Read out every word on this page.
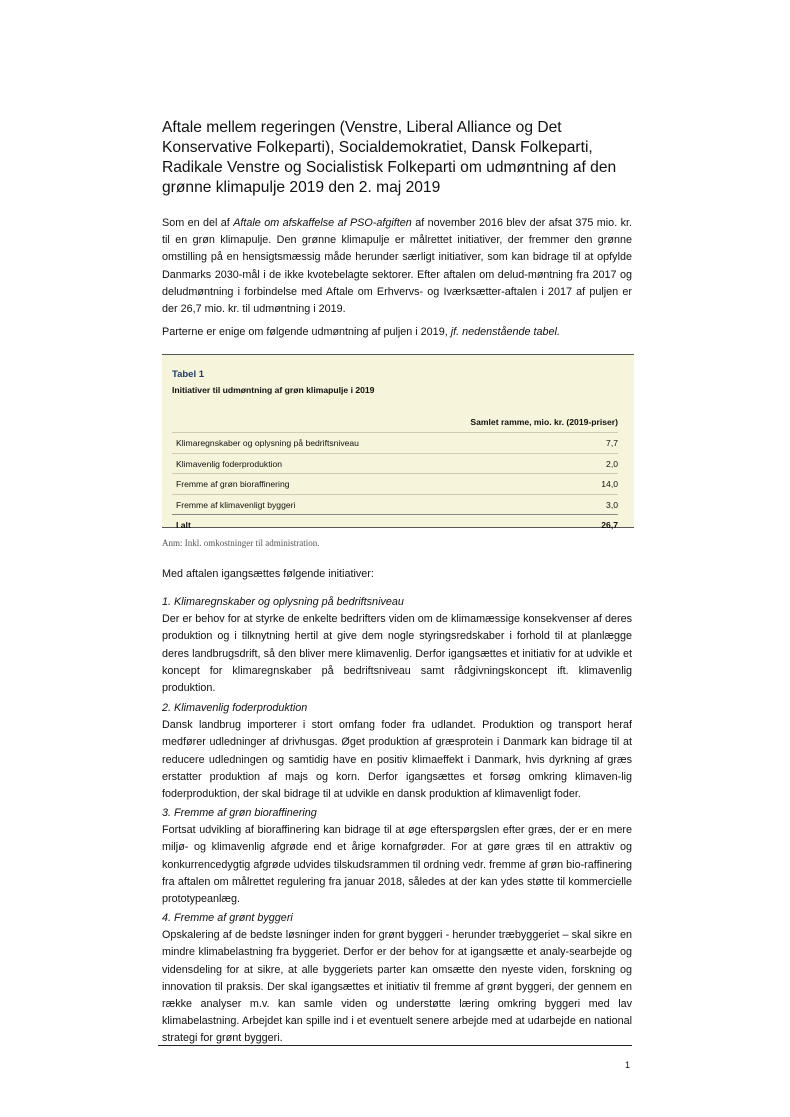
Aftale mellem regeringen (Venstre, Liberal Alliance og Det Konservative Folkeparti), Socialdemokratiet, Dansk Folkeparti, Radikale Venstre og Socialistisk Folkeparti om udmøntning af den grønne klimapulje 2019 den 2. maj 2019

Som en del af Aftale om afskaffelse af PSO-afgiften af november 2016 blev der afsat 375 mio. kr. til en grøn klimapulje. Den grønne klimapulje er målrettet initiativer, der fremmer den grønne omstilling på en hensigtsmæssig måde herunder særligt initiativer, som kan bidrage til at opfylde Danmarks 2030-mål i de ikke kvotebelagte sektorer. Efter aftalen om delud-møntning fra 2017 og deludmøntning i forbindelse med Aftale om Erhvervs- og Iværksætter-aftalen i 2017 af puljen er der 26,7 mio. kr. til udmøntning i 2019.

Parterne er enige om følgende udmøntning af puljen i 2019, jf. nedenstående tabel.

Tabel 1
Initiativer til udmøntning af grøn klimapulje i 2019
Samlet ramme, mio. kr. (2019-priser)
Klimaregnskaber og oplysning på bedriftsniveau	7,7
Klimavenlig foderproduktion	2,0
Fremme af grøn bioraffinering	14,0
Fremme af klimavenligt byggeri	3,0
I alt	26,7
Anm: Inkl. omkostninger til administration.

Med aftalen igangsættes følgende initiativer:

1. Klimaregnskaber og oplysning på bedriftsniveau

Der er behov for at styrke de enkelte bedrifters viden om de klimamæssige konsekvenser af deres produktion og i tilknytning hertil at give dem nogle styringsredskaber i forhold til at planlægge deres landbrugsdrift, så den bliver mere klimavenlig. Derfor igangsættes et initiativ for at udvikle et koncept for klimaregnskaber på bedriftsniveau samt rådgivningskoncept ift. klimavenlig produktion.

2. Klimavenlig foderproduktion

Dansk landbrug importerer i stort omfang foder fra udlandet. Produktion og transport heraf medfører udledninger af drivhusgas. Øget produktion af græsprotein i Danmark kan bidrage til at reducere udledningen og samtidig have en positiv klimaeffekt i Danmark, hvis dyrkning af græs erstatter produktion af majs og korn. Derfor igangsættes et forsøg omkring klimaven-lig foderproduktion, der skal bidrage til at udvikle en dansk produktion af klimavenligt foder.

3. Fremme af grøn bioraffinering

Fortsat udvikling af bioraffinering kan bidrage til at øge efterspørgslen efter græs, der er en mere miljø- og klimavenlig afgrøde end et årige kornafgrøder. For at gøre græs til en attraktiv og konkurrencedygtig afgrøde udvides tilskudsrammen til ordning vedr. fremme af grøn bio-raffinering fra aftalen om målrettet regulering fra januar 2018, således at der kan ydes støtte til kommercielle prototypeanlæg.

4. Fremme af grønt byggeri

Opskalering af de bedste løsninger inden for grønt byggeri - herunder træbyggeriet – skal sikre en mindre klimabelastning fra byggeriet. Derfor er der behov for at igangsætte et analy-searbejde og vidensdeling for at sikre, at alle byggeriets parter kan omsætte den nyeste viden, forskning og innovation til praksis. Der skal igangsættes et initiativ til fremme af grønt byggeri, der gennem en række analyser m.v. kan samle viden og understøtte læring omkring byggeri med lav klimabelastning. Arbejdet kan spille ind i et eventuelt senere arbejde med at udarbejde en national strategi for grønt byggeri.

1
